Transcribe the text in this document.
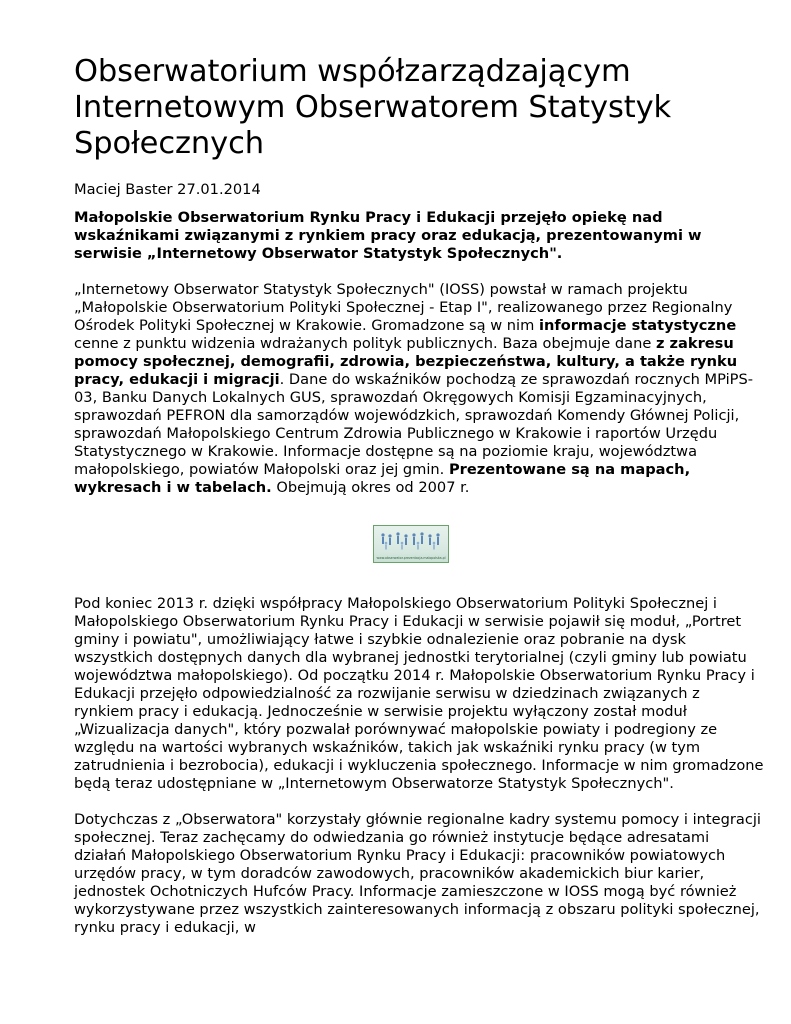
Obserwatorium współzarządzającym Internetowym Obserwatorem Statystyk Społecznych
Maciej Baster 27.01.2014
Małopolskie Obserwatorium Rynku Pracy i Edukacji przejęło opiekę nad wskaźnikami związanymi z rynkiem pracy oraz edukacją, prezentowanymi w serwisie „Internetowy Obserwator Statystyk Społecznych".
„Internetowy Obserwator Statystyk Społecznych" (IOSS) powstał w ramach projektu „Małopolskie Obserwatorium Polityki Społecznej - Etap I", realizowanego przez Regionalny Ośrodek Polityki Społecznej w Krakowie. Gromadzone są w nim informacje statystyczne cenne z punktu widzenia wdrażanych polityk publicznych. Baza obejmuje dane z zakresu pomocy społecznej, demografii, zdrowia, bezpieczeństwa, kultury, a także rynku pracy, edukacji i migracji. Dane do wskaźników pochodzą ze sprawozdań rocznych MPiPS-03, Banku Danych Lokalnych GUS, sprawozdań Okręgowych Komisji Egzaminacyjnych, sprawozdań PEFRON dla samorządów wojewódzkich, sprawozdań Komendy Głównej Policji, sprawozdań Małopolskiego Centrum Zdrowia Publicznego w Krakowie i raportów Urzędu Statystycznego w Krakowie. Informacje dostępne są na poziomie kraju, województwa małopolskiego, powiatów Małopolski oraz jej gmin. Prezentowane są na mapach, wykresach i w tabelach. Obejmują okres od 2007 r.
www.obserwator.prezentacja.malopolska.pl
Pod koniec 2013 r. dzięki współpracy Małopolskiego Obserwatorium Polityki Społecznej i Małopolskiego Obserwatorium Rynku Pracy i Edukacji w serwisie pojawił się moduł, „Portret gminy i powiatu", umożliwiający łatwe i szybkie odnalezienie oraz pobranie na dysk wszystkich dostępnych danych dla wybranej jednostki terytorialnej (czyli gminy lub powiatu województwa małopolskiego). Od początku 2014 r. Małopolskie Obserwatorium Rynku Pracy i Edukacji przejęło odpowiedzialność za rozwijanie serwisu w dziedzinach związanych z rynkiem pracy i edukacją. Jednocześnie w serwisie projektu wyłączony został moduł „Wizualizacja danych", który pozwalał porównywać małopolskie powiaty i podregiony ze względu na wartości wybranych wskaźników, takich jak wskaźniki rynku pracy (w tym zatrudnienia i bezrobocia), edukacji i wykluczenia społecznego. Informacje w nim gromadzone będą teraz udostępniane w „Internetowym Obserwatorze Statystyk Społecznych".
Dotychczas z „Obserwatora" korzystały głównie regionalne kadry systemu pomocy i integracji społecznej. Teraz zachęcamy do odwiedzania go również instytucje będące adresatami działań Małopolskiego Obserwatorium Rynku Pracy i Edukacji: pracowników powiatowych urzędów pracy, w tym doradców zawodowych, pracowników akademickich biur karier, jednostek Ochotniczych Hufców Pracy. Informacje zamieszczone w IOSS mogą być również wykorzystywane przez wszystkich zainteresowanych informacją z obszaru polityki społecznej, rynku pracy i edukacji, w
